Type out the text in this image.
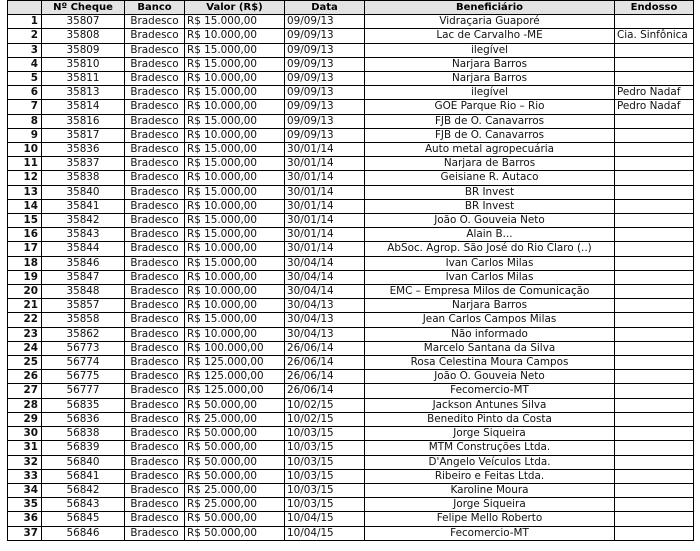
	Nº Cheque	Banco	Valor (R$)	Data	Beneficiário	Endosso
1	35807	Bradesco	R$ 15.000,00	09/09/13	Vidraçaria Guaporé	
2	35808	Bradesco	R$ 10.000,00	09/09/13	Lac de Carvalho -ME	Cia. Sinfônica
3	35809	Bradesco	R$ 15.000,00	09/09/13	ilegível	
4	35810	Bradesco	R$ 15.000,00	09/09/13	Narjara Barros	
5	35811	Bradesco	R$ 10.000,00	09/09/13	Narjara Barros	
6	35813	Bradesco	R$ 15.000,00	09/09/13	ilegível	Pedro Nadaf
7	35814	Bradesco	R$ 10.000,00	09/09/13	GOE Parque Rio – Rio	Pedro Nadaf
8	35816	Bradesco	R$ 15.000,00	09/09/13	FJB de O. Canavarros	
9	35817	Bradesco	R$ 10.000,00	09/09/13	FJB de O. Canavarros	
10	35836	Bradesco	R$ 15.000,00	30/01/14	Auto metal agropecuária	
11	35837	Bradesco	R$ 15.000,00	30/01/14	Narjara de Barros	
12	35838	Bradesco	R$ 10.000,00	30/01/14	Geisiane R. Autaco	
13	35840	Bradesco	R$ 15.000,00	30/01/14	BR Invest	
14	35841	Bradesco	R$ 10.000,00	30/01/14	BR Invest	
15	35842	Bradesco	R$ 15.000,00	30/01/14	João O. Gouveia Neto	
16	35843	Bradesco	R$ 15.000,00	30/01/14	Alain B...	
17	35844	Bradesco	R$ 10.000,00	30/01/14	AbSoc. Agrop. São José do Rio Claro (..)	
18	35846	Bradesco	R$ 15.000,00	30/04/14	Ivan Carlos Milas	
19	35847	Bradesco	R$ 10.000,00	30/04/14	Ivan Carlos Milas	
20	35848	Bradesco	R$ 10.000,00	30/04/14	EMC – Empresa Milos de Comunicação	
21	35857	Bradesco	R$ 10.000,00	30/04/13	Narjara Barros	
22	35858	Bradesco	R$ 15.000,00	30/04/13	Jean Carlos Campos Milas	
23	35862	Bradesco	R$ 10.000,00	30/04/13	Não informado	
24	56773	Bradesco	R$ 100.000,00	26/06/14	Marcelo Santana da Silva	
25	56774	Bradesco	R$ 125.000,00	26/06/14	Rosa Celestina Moura Campos	
26	56775	Bradesco	R$ 125.000,00	26/06/14	João O. Gouveia Neto	
27	56777	Bradesco	R$ 125.000,00	26/06/14	Fecomercio-MT	
28	56835	Bradesco	R$ 50.000,00	10/02/15	Jackson Antunes Silva	
29	56836	Bradesco	R$ 25.000,00	10/02/15	Benedito Pinto da Costa	
30	56838	Bradesco	R$ 50.000,00	10/03/15	Jorge Siqueira	
31	56839	Bradesco	R$ 50.000,00	10/03/15	MTM Construções Ltda.	
32	56840	Bradesco	R$ 50.000,00	10/03/15	D'Angelo Veículos Ltda.	
33	56841	Bradesco	R$ 50.000,00	10/03/15	Ribeiro e Feitas Ltda.	
34	56842	Bradesco	R$ 25.000,00	10/03/15	Karoline Moura	
35	56843	Bradesco	R$ 25.000,00	10/03/15	Jorge Siqueira	
36	56845	Bradesco	R$ 50.000,00	10/04/15	Felipe Mello Roberto	
37	56846	Bradesco	R$ 50.000,00	10/04/15	Fecomercio-MT	
